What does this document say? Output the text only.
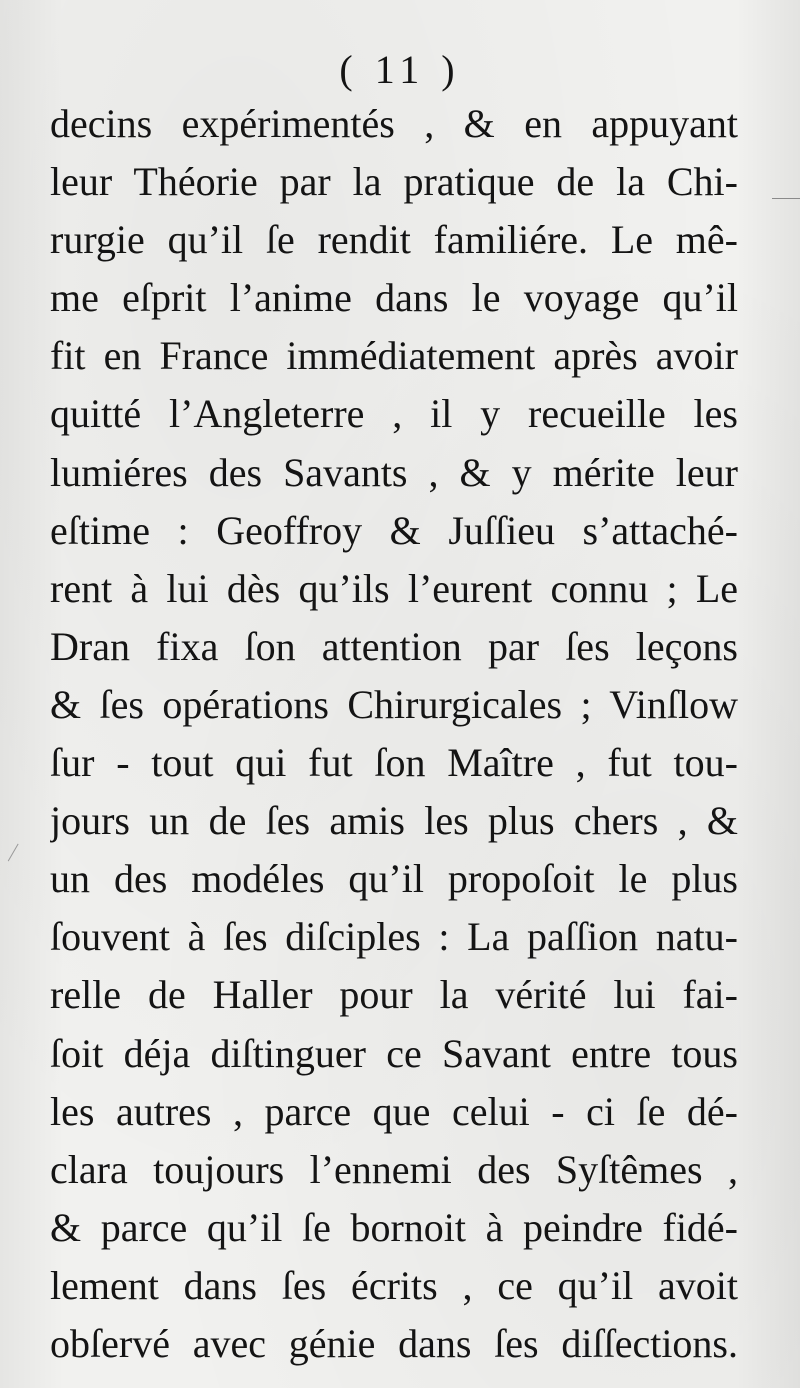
( 11 )
decins expérimentés , & en appuyant
leur Théorie par la pratique de la Chi-
rurgie qu’il ſe rendit familiére. Le mê-
me eſprit l’anime dans le voyage qu’il
fit en France immédiatement après avoir
quitté l’Angleterre , il y recueille les
lumiéres des Savants , & y mérite leur
eſtime : Geoffroy & Juſſieu s’attaché-
rent à lui dès qu’ils l’eurent connu ; Le
Dran fixa ſon attention par ſes leçons
& ſes opérations Chirurgicales ; Vinſlow
ſur - tout qui fut ſon Maître , fut tou-
jours un de ſes amis les plus chers , &
un des modéles qu’il propoſoit le plus
ſouvent à ſes diſciples : La paſſion natu-
relle de Haller pour la vérité lui fai-
ſoit déja diſtinguer ce Savant entre tous
les autres , parce que celui - ci ſe dé-
clara toujours l’ennemi des Syſtêmes ,
& parce qu’il ſe bornoit à peindre fidé-
lement dans ſes écrits , ce qu’il avoit
obſervé avec génie dans ſes diſſections.
